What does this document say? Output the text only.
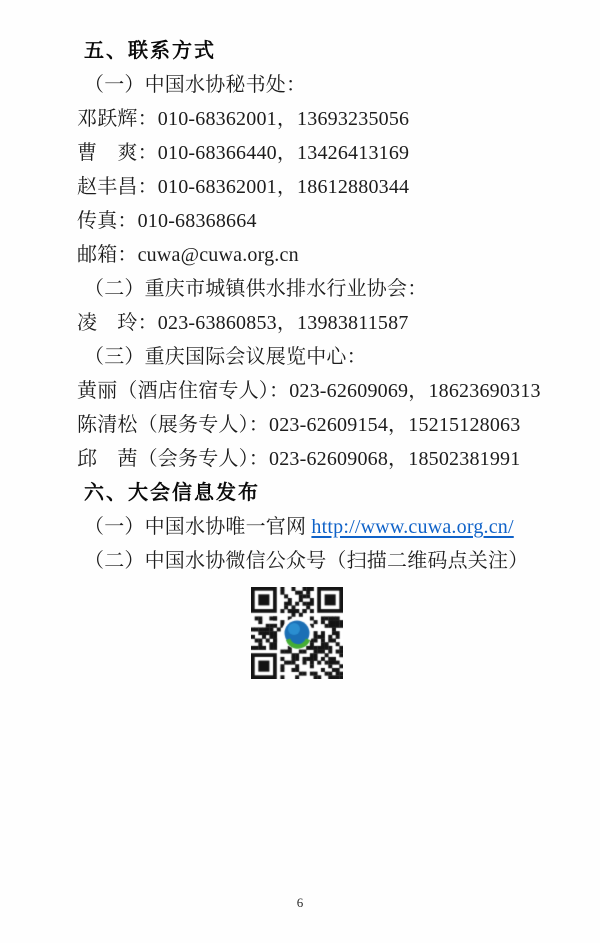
五、联系方式
（一）中国水协秘书处：
邓跃辉：010-68362001，13693235056
曹　爽：010-68366440，13426413169
赵丰昌：010-68362001，18612880344
传真：010-68368664
邮箱：cuwa@cuwa.org.cn
（二）重庆市城镇供水排水行业协会：
凌　玲：023-63860853，13983811587
（三）重庆国际会议展览中心：
黄丽（酒店住宿专人）：023-62609069，18623690313
陈清松（展务专人）：023-62609154，15215128063
邱　茜（会务专人）：023-62609068，18502381991
六、大会信息发布
（一）中国水协唯一官网 http://www.cuwa.org.cn/
（二）中国水协微信公众号（扫描二维码点关注）
6
